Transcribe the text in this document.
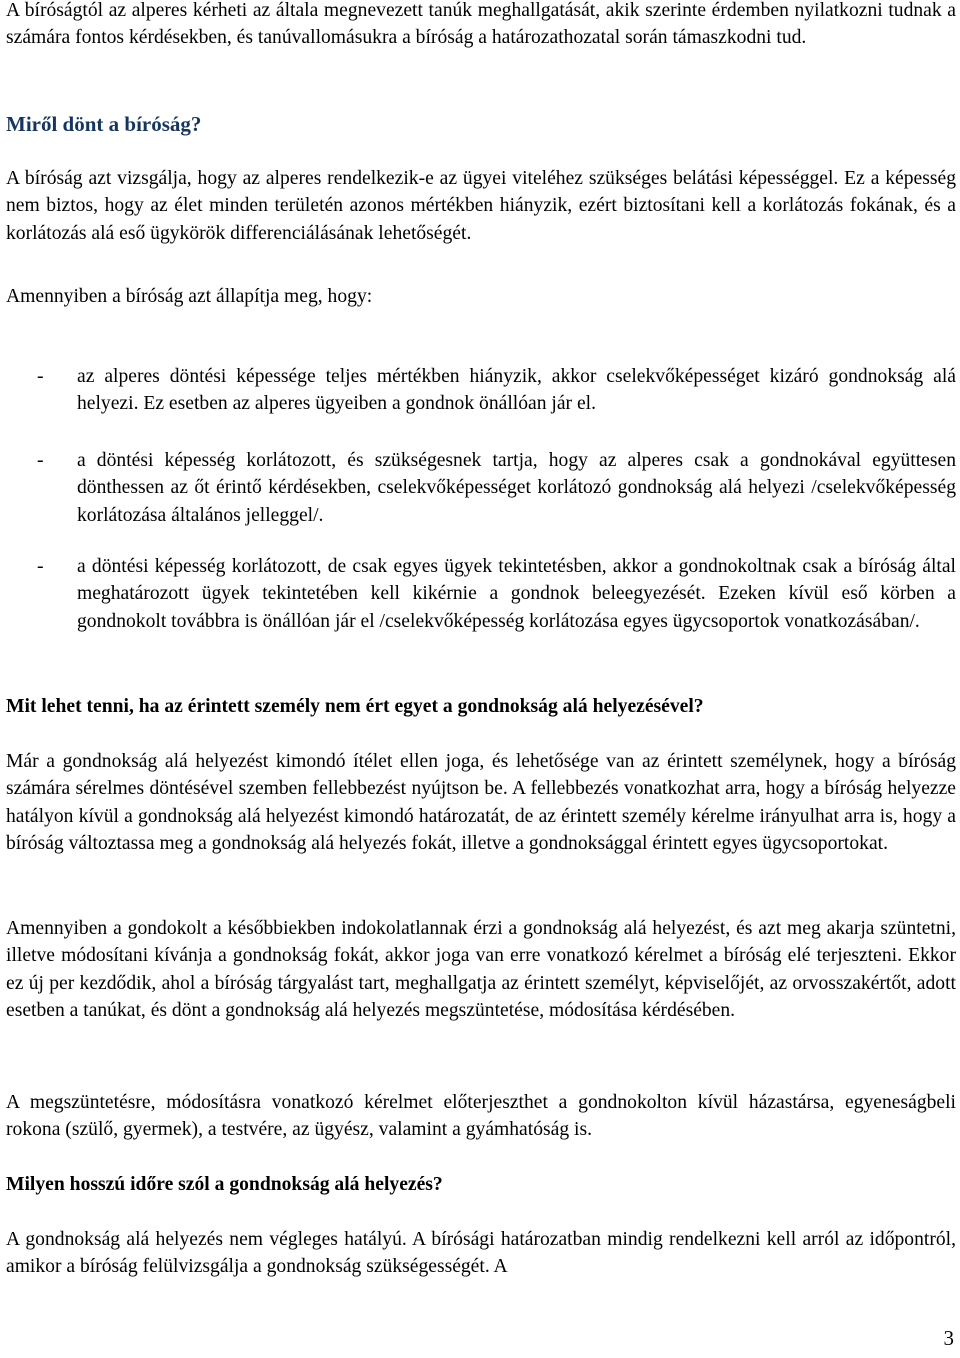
A bíróságtól az alperes kérheti az általa megnevezett tanúk meghallgatását, akik szerinte érdemben nyilatkozni tudnak a számára fontos kérdésekben, és tanúvallomásukra a bíróság a határozathozatal során támaszkodni tud.

Miről dönt a bíróság?

A bíróság azt vizsgálja, hogy az alperes rendelkezik-e az ügyei viteléhez szükséges belátási képességgel. Ez a képesség nem biztos, hogy az élet minden területén azonos mértékben hiányzik, ezért biztosítani kell a korlátozás fokának, és a korlátozás alá eső ügykörök differenciálásának lehetőségét.

Amennyiben a bíróság azt állapítja meg, hogy:

- az alperes döntési képessége teljes mértékben hiányzik, akkor cselekvőképességet kizáró gondnokság alá helyezi. Ez esetben az alperes ügyeiben a gondnok önállóan jár el.

- a döntési képesség korlátozott, és szükségesnek tartja, hogy az alperes csak a gondnokával együttesen dönthessen az őt érintő kérdésekben, cselekvőképességet korlátozó gondnokság alá helyezi /cselekvőképesség korlátozása általános jelleggel/.

- a döntési képesség korlátozott, de csak egyes ügyek tekintetésben, akkor a gondnokoltnak csak a bíróság által meghatározott ügyek tekintetében kell kikérnie a gondnok beleegyezését. Ezeken kívül eső körben a gondnokolt továbbra is önállóan jár el /cselekvőképesség korlátozása egyes ügycsoportok vonatkozásában/.

Mit lehet tenni, ha az érintett személy nem ért egyet a gondnokság alá helyezésével?

Már a gondnokság alá helyezést kimondó ítélet ellen joga, és lehetősége van az érintett személynek, hogy a bíróság számára sérelmes döntésével szemben fellebbezést nyújtson be. A fellebbezés vonatkozhat arra, hogy a bíróság helyezze hatályon kívül a gondnokság alá helyezést kimondó határozatát, de az érintett személy kérelme irányulhat arra is, hogy a bíróság változtassa meg a gondnokság alá helyezés fokát, illetve a gondnoksággal érintett egyes ügycsoportokat.

Amennyiben a gondokolt a későbbiekben indokolatlannak érzi a gondnokság alá helyezést, és azt meg akarja szüntetni, illetve módosítani kívánja a gondnokság fokát, akkor joga van erre vonatkozó kérelmet a bíróság elé terjeszteni. Ekkor ez új per kezdődik, ahol a bíróság tárgyalást tart, meghallgatja az érintett személyt, képviselőjét, az orvosszakértőt, adott esetben a tanúkat, és dönt a gondnokság alá helyezés megszüntetése, módosítása kérdésében.

A megszüntetésre, módosításra vonatkozó kérelmet előterjeszthet a gondnokolton kívül házastársa, egyeneságbeli rokona (szülő, gyermek), a testvére, az ügyész, valamint a gyámhatóság is.

Milyen hosszú időre szól a gondnokság alá helyezés?

A gondnokság alá helyezés nem végleges hatályú. A bírósági határozatban mindig rendelkezni kell arról az időpontról, amikor a bíróság felülvizsgálja a gondnokság szükségességét. A

3
